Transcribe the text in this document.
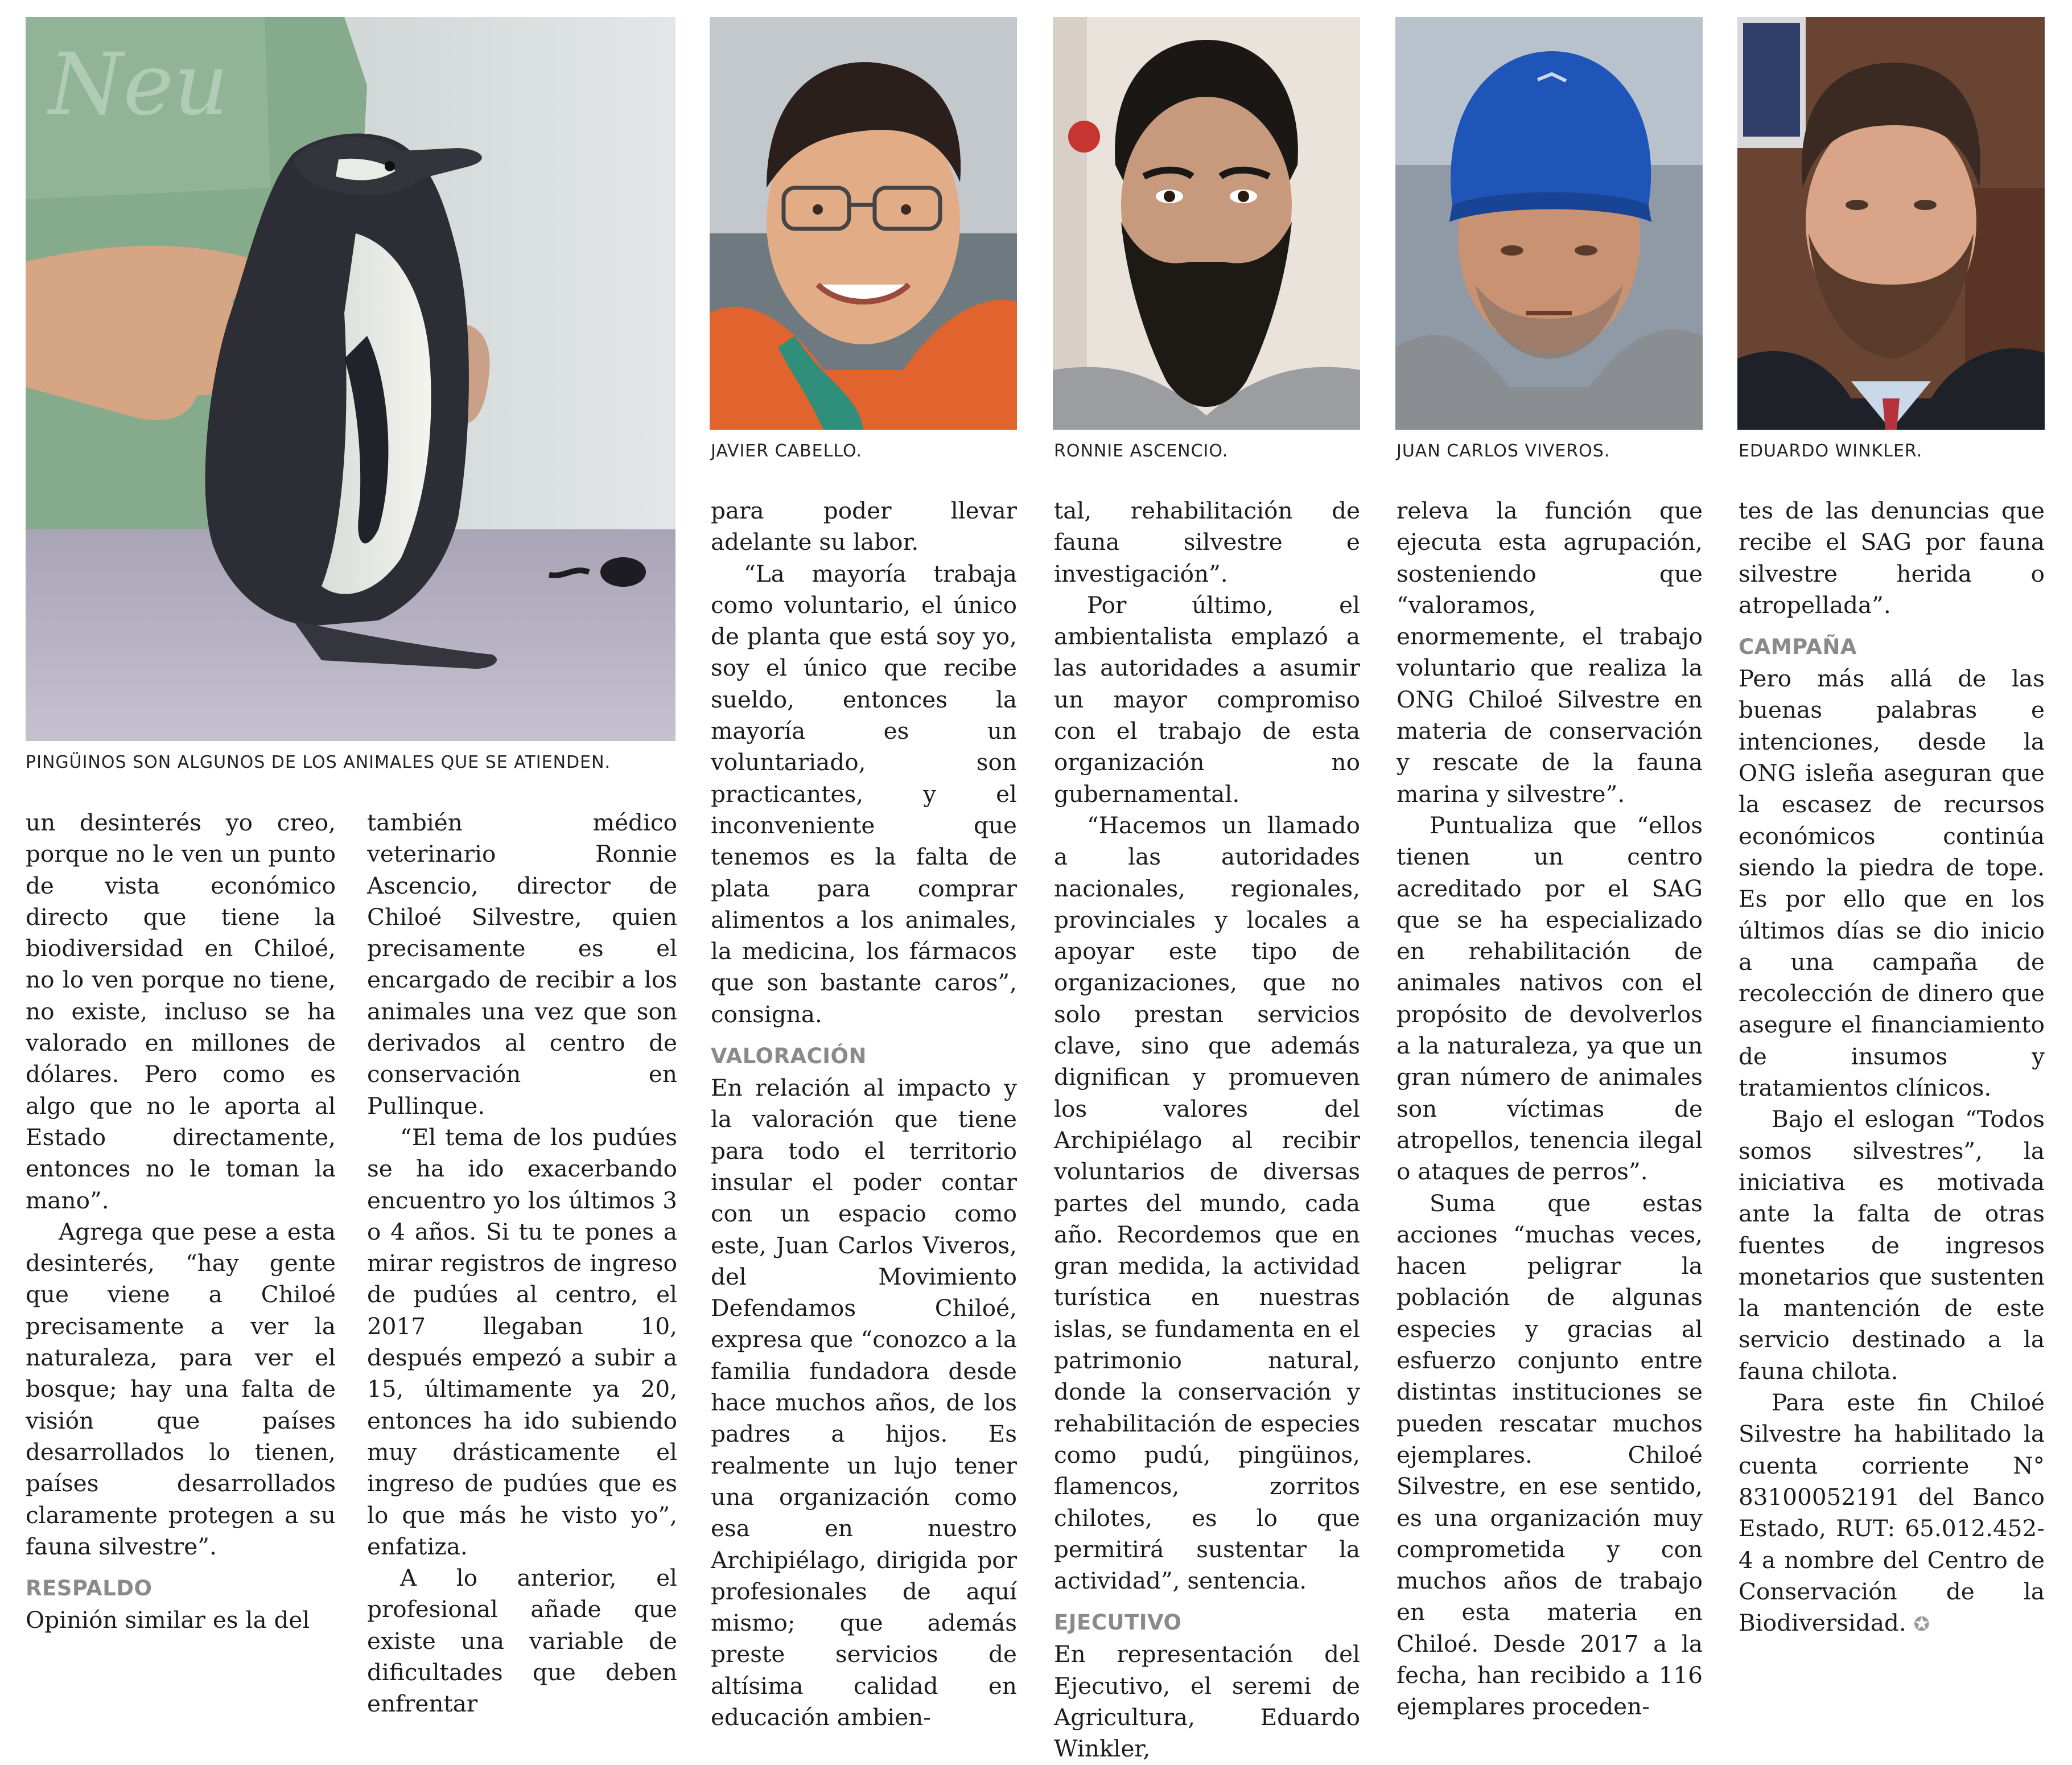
Neu
PINGÜINOS SON ALGUNOS DE LOS ANIMALES QUE SE ATIENDEN.
JAVIER CABELLO.	RONNIE ASCENCIO.	JUAN CARLOS VIVEROS.	EDUARDO WINKLER.

un desinterés yo creo, porque no le ven un punto de vista económico directo que tiene la biodiversidad en Chiloé, no lo ven porque no tiene, no existe, incluso se ha valorado en millones de dólares. Pero como es algo que no le aporta al Estado directamente, entonces no le toman la mano”.

Agrega que pese a esta desinterés, “hay gente que viene a Chiloé precisamente a ver la naturaleza, para ver el bosque; hay una falta de visión que países desarrollados lo tienen, países desarrollados claramente protegen a su fauna silvestre”.

RESPALDO

Opinión similar es la del

también médico veterinario Ronnie Ascencio, director de Chiloé Silvestre, quien precisamente es el encargado de recibir a los animales una vez que son derivados al centro de conservación en Pullinque.

“El tema de los pudúes se ha ido exacerbando encuentro yo los últimos 3 o 4 años. Si tu te pones a mirar registros de ingreso de pudúes al centro, el 2017 llegaban 10, después empezó a subir a 15, últimamente ya 20, entonces ha ido subiendo muy drásticamente el ingreso de pudúes que es lo que más he visto yo”, enfatiza.

A lo anterior, el profesional añade que existe una variable de dificultades que deben enfrentar

para poder llevar adelante su labor.

“La mayoría trabaja como voluntario, el único de planta que está soy yo, soy el único que recibe sueldo, entonces la mayoría es un voluntariado, son practicantes, y el inconveniente que tenemos es la falta de plata para comprar alimentos a los animales, la medicina, los fármacos que son bastante caros”, consigna.

VALORACIÓN

En relación al impacto y la valoración que tiene para todo el territorio insular el poder contar con un espacio como este, Juan Carlos Viveros, del Movimiento Defendamos Chiloé, expresa que “conozco a la familia fundadora desde hace muchos años, de los padres a hijos. Es realmente un lujo tener una organización como esa en nuestro Archipiélago, dirigida por profesionales de aquí mismo; que además preste servicios de altísima calidad en educación ambien-

tal, rehabilitación de fauna silvestre e investigación”.

Por último, el ambientalista emplazó a las autoridades a asumir un mayor compromiso con el trabajo de esta organización no gubernamental.

“Hacemos un llamado a las autoridades nacionales, regionales, provinciales y locales a apoyar este tipo de organizaciones, que no solo prestan servicios clave, sino que además dignifican y promueven los valores del Archipiélago al recibir voluntarios de diversas partes del mundo, cada año. Recordemos que en gran medida, la actividad turística en nuestras islas, se fundamenta en el patrimonio natural, donde la conservación y rehabilitación de especies como pudú, pingüinos, flamencos, zorritos chilotes, es lo que permitirá sustentar la actividad”, sentencia.

EJECUTIVO

En representación del Ejecutivo, el seremi de Agricultura, Eduardo Winkler,

releva la función que ejecuta esta agrupación, sosteniendo que “valoramos, enormemente, el trabajo voluntario que realiza la ONG Chiloé Silvestre en materia de conservación y rescate de la fauna marina y silvestre”.

Puntualiza que “ellos tienen un centro acreditado por el SAG que se ha especializado en rehabilitación de animales nativos con el propósito de devolverlos a la naturaleza, ya que un gran número de animales son víctimas de atropellos, tenencia ilegal o ataques de perros”.

Suma que estas acciones “muchas veces, hacen peligrar la población de algunas especies y gracias al esfuerzo conjunto entre distintas instituciones se pueden rescatar muchos ejemplares. Chiloé Silvestre, en ese sentido, es una organización muy comprometida y con muchos años de trabajo en esta materia en Chiloé. Desde 2017 a la fecha, han recibido a 116 ejemplares proceden-

tes de las denuncias que recibe el SAG por fauna silvestre herida o atropellada”.

CAMPAÑA

Pero más allá de las buenas palabras e intenciones, desde la ONG isleña aseguran que la escasez de recursos económicos continúa siendo la piedra de tope. Es por ello que en los últimos días se dio inicio a una campaña de recolección de dinero que asegure el financiamiento de insumos y tratamientos clínicos.

Bajo el eslogan “Todos somos silvestres”, la iniciativa es motivada ante la falta de otras fuentes de ingresos monetarios que sustenten la mantención de este servicio destinado a la fauna chilota.

Para este fin Chiloé Silvestre ha habilitado la cuenta corriente N° 83100052191 del Banco Estado, RUT: 65.012.452-4 a nombre del Centro de Conservación de la Biodiversidad. ✪
